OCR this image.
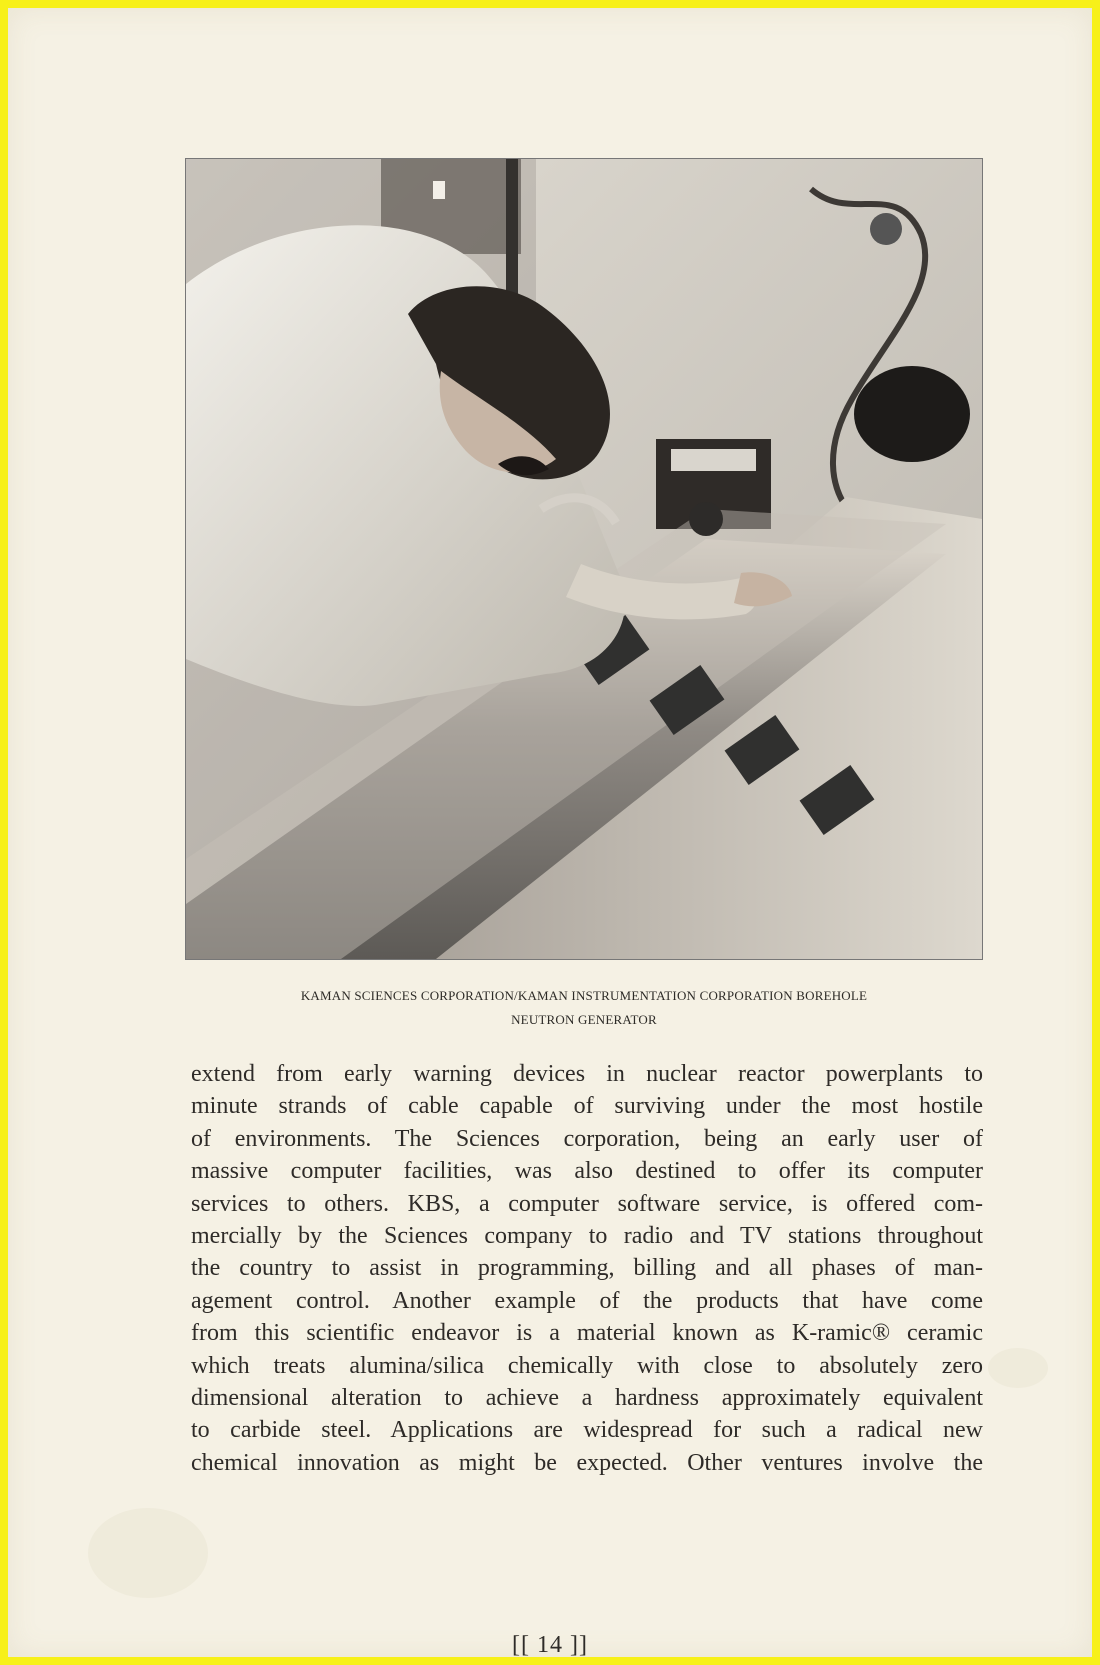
KAMAN SCIENCES CORPORATION/KAMAN INSTRUMENTATION CORPORATION BOREHOLE
NEUTRON GENERATOR
extend from early warning devices in nuclear reactor powerplants to
minute strands of cable capable of surviving under the most hostile
of environments. The Sciences corporation, being an early user of
massive computer facilities, was also destined to offer its computer
services to others. KBS, a computer software service, is offered com-
mercially by the Sciences company to radio and TV stations throughout
the country to assist in programming, billing and all phases of man-
agement control. Another example of the products that have come
from this scientific endeavor is a material known as K-ramic® ceramic
which treats alumina/silica chemically with close to absolutely zero
dimensional alteration to achieve a hardness approximately equivalent
to carbide steel. Applications are widespread for such a radical new
chemical innovation as might be expected. Other ventures involve the
[[ 14 ]]
